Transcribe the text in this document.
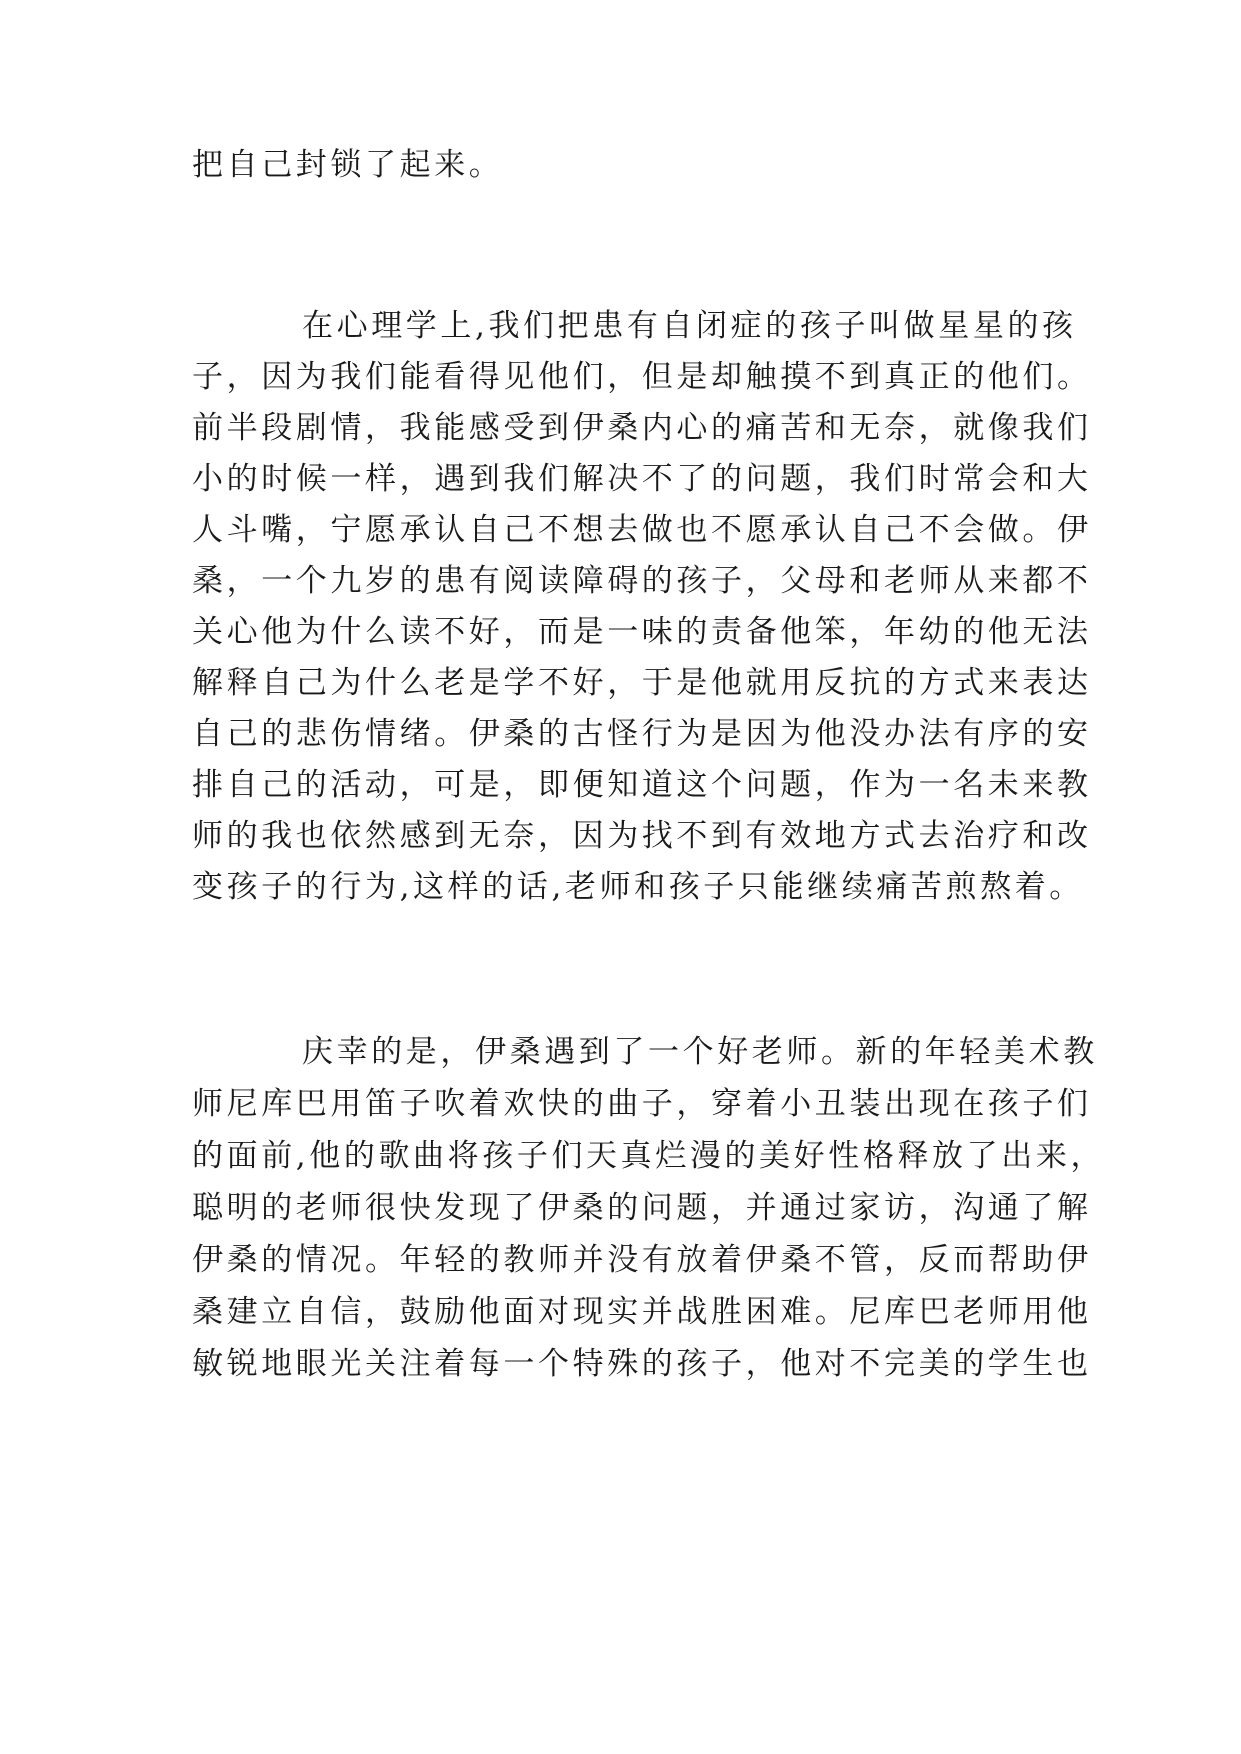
把自己封锁了起来。
在心理学上,我们把患有自闭症的孩子叫做星星的孩
子，因为我们能看得见他们，但是却触摸不到真正的他们。
前半段剧情，我能感受到伊桑内心的痛苦和无奈，就像我们
小的时候一样，遇到我们解决不了的问题，我们时常会和大
人斗嘴，宁愿承认自己不想去做也不愿承认自己不会做。伊
桑，一个九岁的患有阅读障碍的孩子，父母和老师从来都不
关心他为什么读不好，而是一味的责备他笨，年幼的他无法
解释自己为什么老是学不好，于是他就用反抗的方式来表达
自己的悲伤情绪。伊桑的古怪行为是因为他没办法有序的安
排自己的活动，可是，即便知道这个问题，作为一名未来教
师的我也依然感到无奈，因为找不到有效地方式去治疗和改
变孩子的行为,这样的话,老师和孩子只能继续痛苦煎熬着。
庆幸的是，伊桑遇到了一个好老师。新的年轻美术教
师尼库巴用笛子吹着欢快的曲子，穿着小丑装出现在孩子们
的面前,他的歌曲将孩子们天真烂漫的美好性格释放了出来，
聪明的老师很快发现了伊桑的问题，并通过家访，沟通了解
伊桑的情况。年轻的教师并没有放着伊桑不管，反而帮助伊
桑建立自信，鼓励他面对现实并战胜困难。尼库巴老师用他
敏锐地眼光关注着每一个特殊的孩子，他对不完美的学生也
